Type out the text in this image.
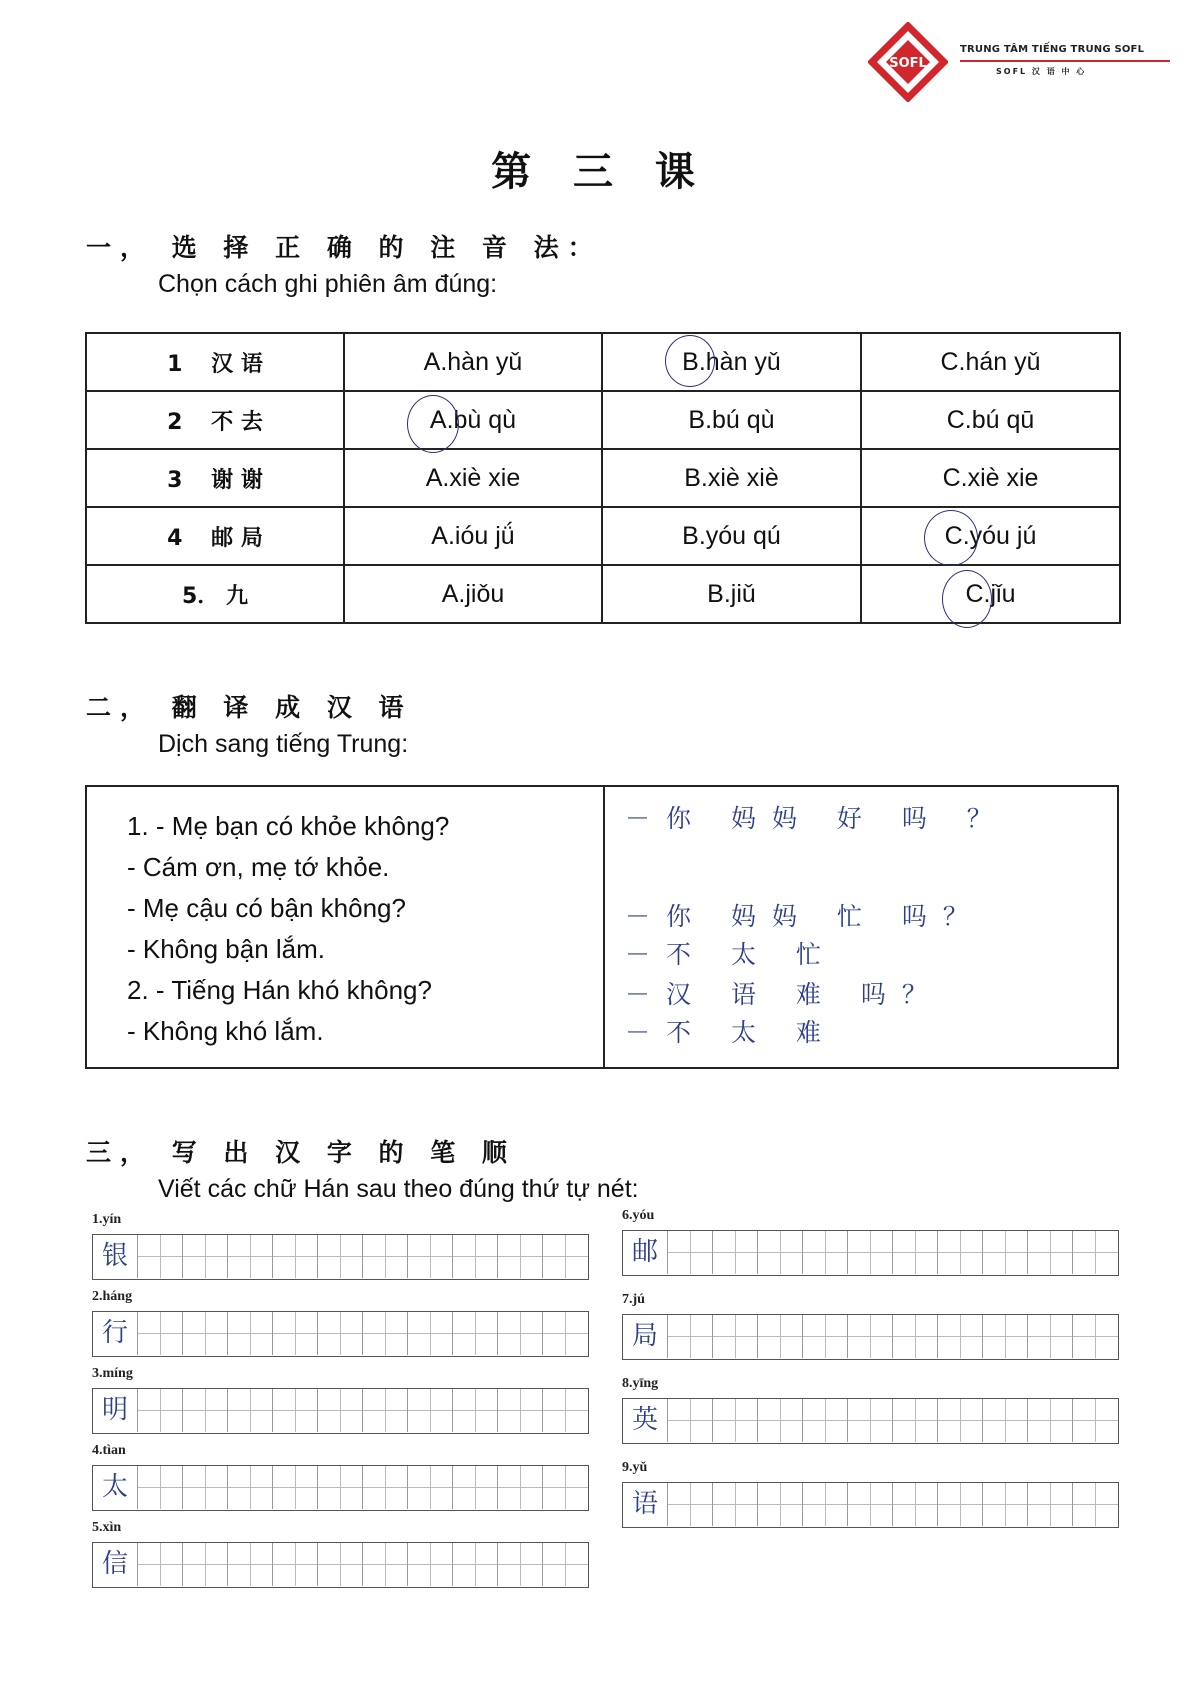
SOFL
TRUNG TÂM TIẾNG TRUNG SOFL
SOFL 汉 语 中 心
第 三 课
一， 选 择 正 确 的 注 音 法：
Chọn cách ghi phiên âm đúng:
1 汉 语	A.hàn yǔ	B.hàn yǔ	C.hán yǔ
2 不 去	A.bù qù	B.bú qù	C.bú qū
3 谢 谢	A.xiè xie	B.xiè xiè	C.xiè xie
4 邮 局	A.ióu jǘ	B.yóu qú	C.yóu jú

5． 九	A.jiǒu	B.jiǔ	C.jǐu
二， 翻 译 成 汉 语
Dịch sang tiếng Trung:
1. - Mẹ bạn có khỏe không?
- Cám ơn, mẹ tớ khỏe.
- Mẹ cậu có bận không?
- Không bận lắm.
2. - Tiếng Hán khó không?
- Không khó lắm.
－你 妈妈 好 吗 ？
－你 妈妈 忙 吗？
－不 太 忙
－汉 语 难 吗？
－不 太 难
三， 写 出 汉 字 的 笔 顺
Viết các chữ Hán sau theo đúng thứ tự nét:
1.yín
银
2.háng
行
3.míng
明
4.tìan
太
5.xìn
信
6.yóu
邮
7.jú
局
8.yīng
英
9.yǔ
语
